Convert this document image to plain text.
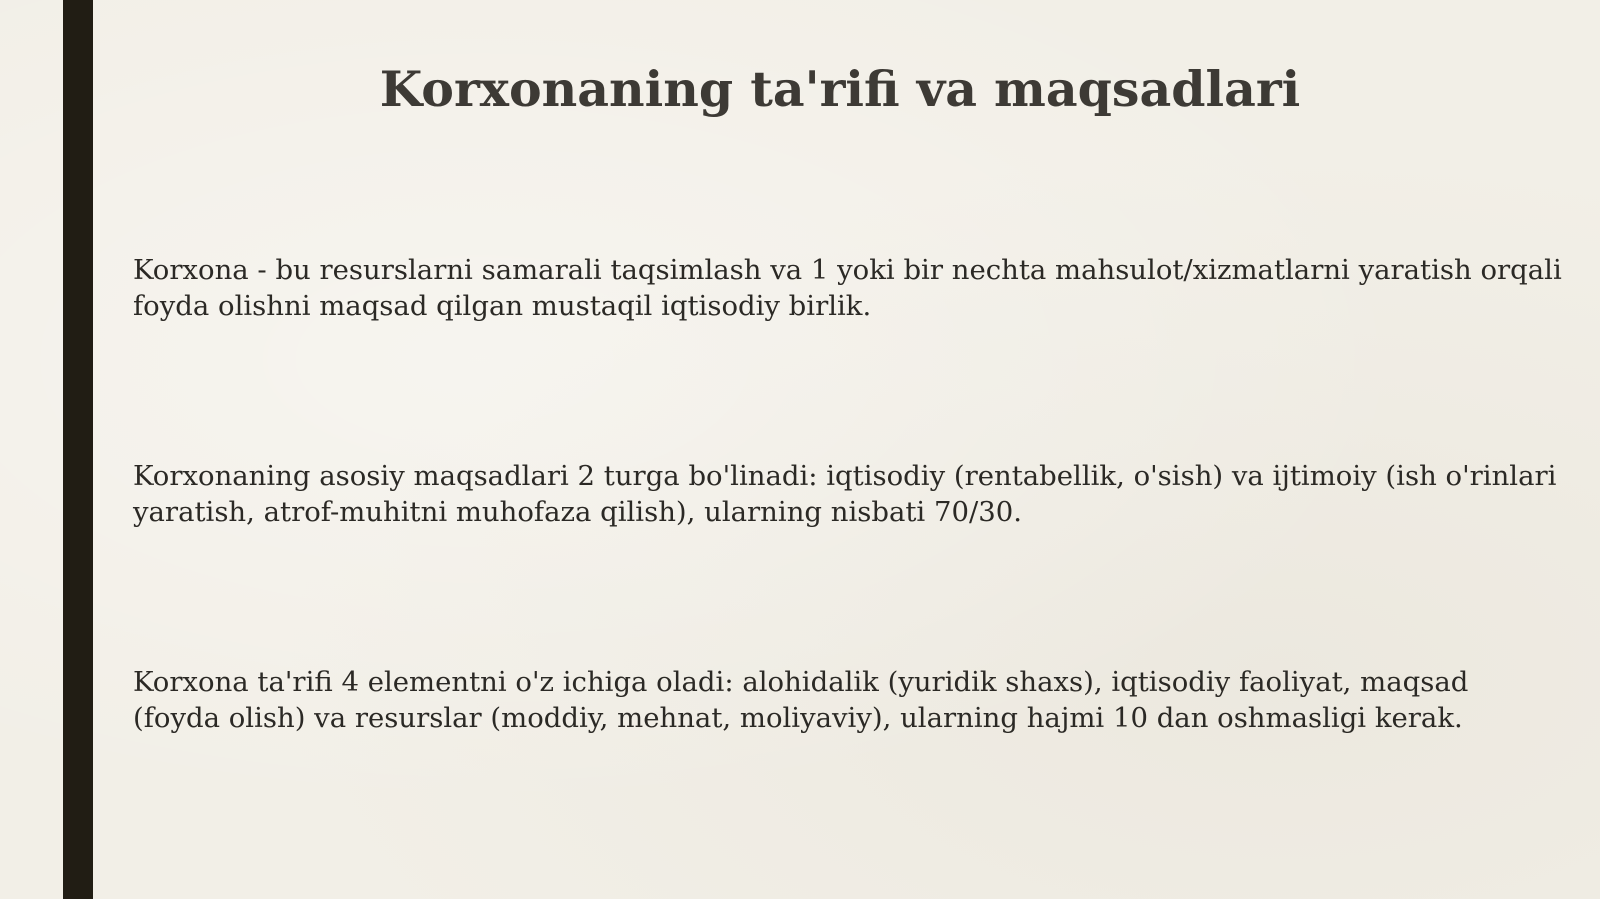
Korxonaning ta'rifi va maqsadlari

Korxona - bu resurslarni samarali taqsimlash va 1 yoki bir nechta mahsulot/xizmatlarni yaratish orqali foyda olishni maqsad qilgan mustaqil iqtisodiy birlik.

Korxonaning asosiy maqsadlari 2 turga bo'linadi: iqtisodiy (rentabellik, o'sish) va ijtimoiy (ish o'rinlari yaratish, atrof-muhitni muhofaza qilish), ularning nisbati 70/30.

Korxona ta'rifi 4 elementni o'z ichiga oladi: alohidalik (yuridik shaxs), iqtisodiy faoliyat, maqsad (foyda olish) va resurslar (moddiy, mehnat, moliyaviy), ularning hajmi 10 dan oshmasligi kerak.
